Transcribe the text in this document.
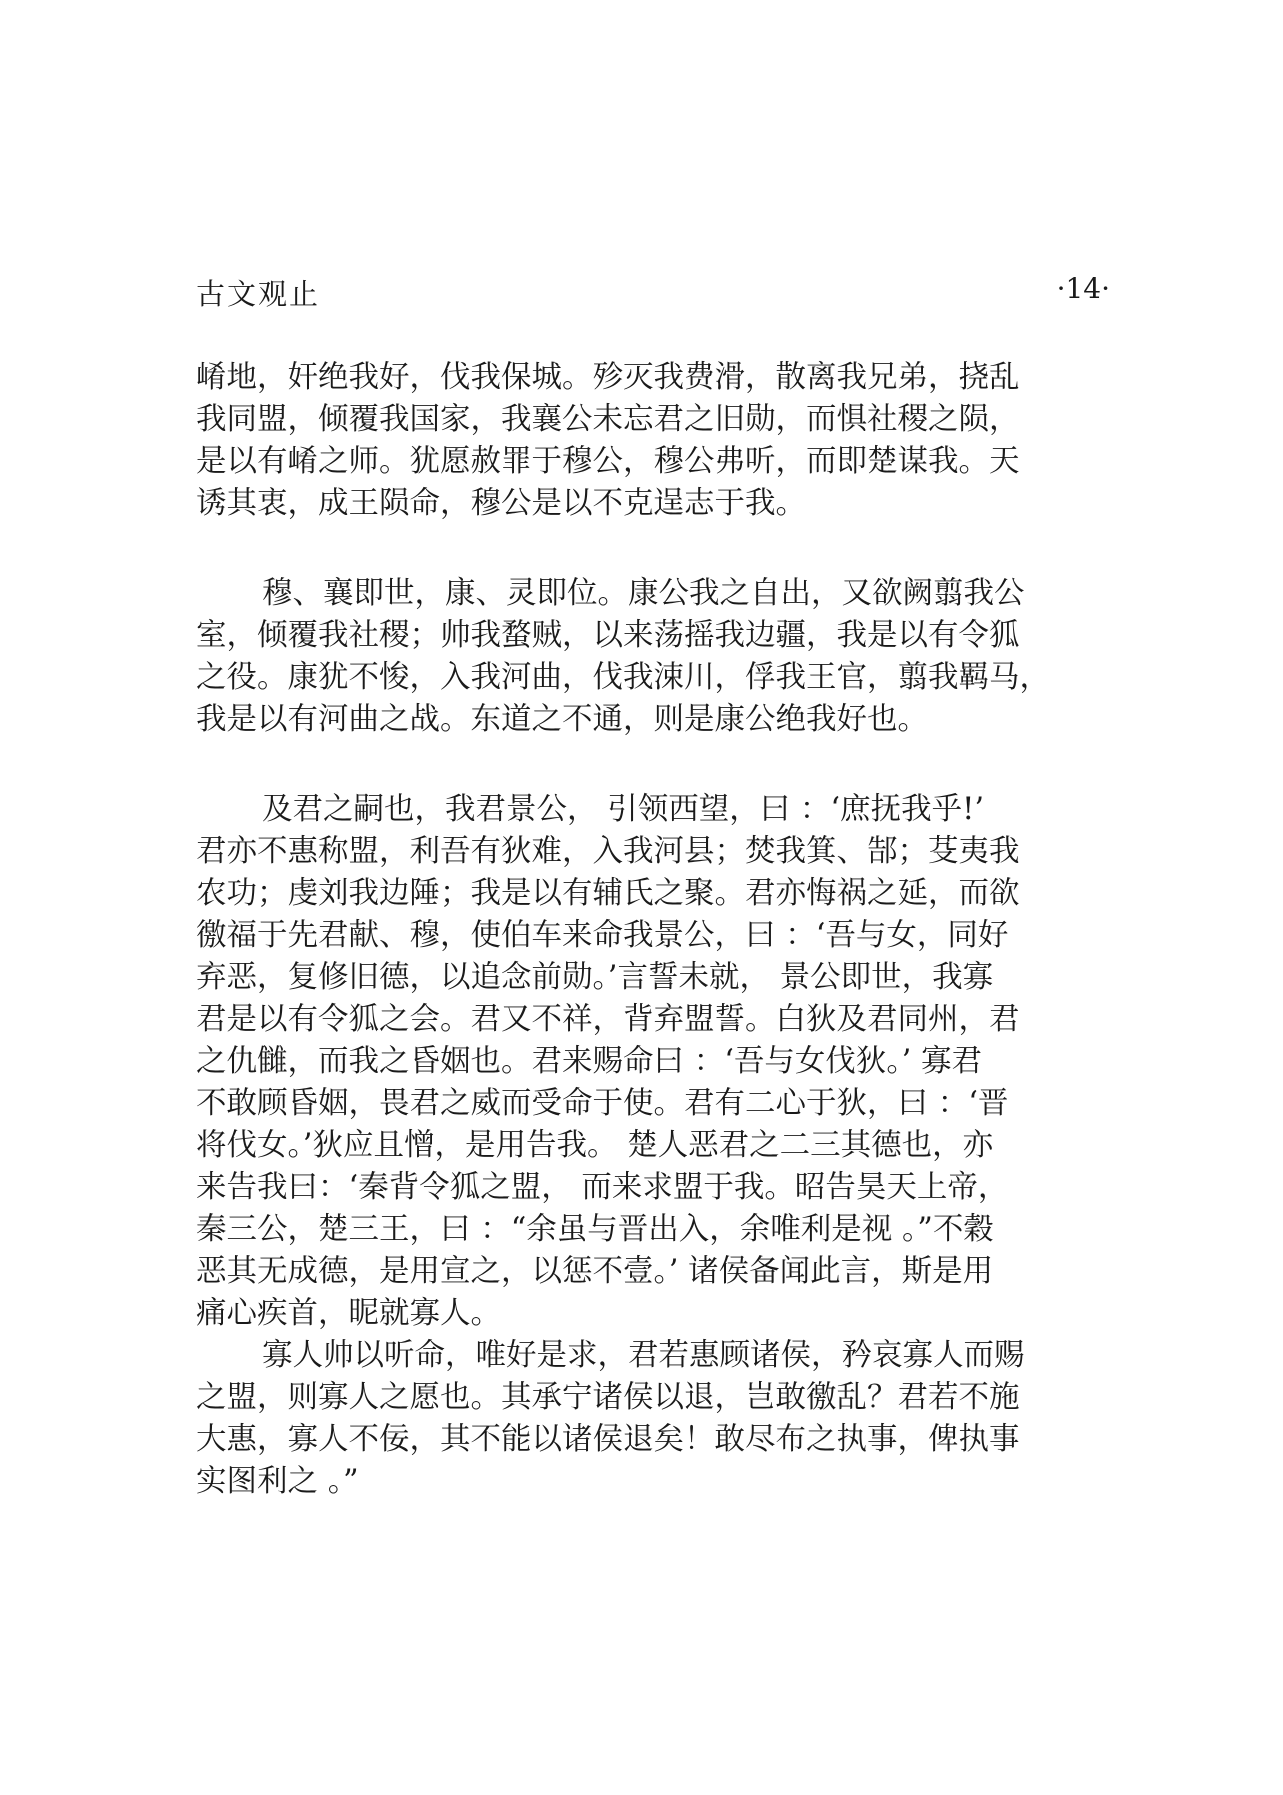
古文观止	·14·
崤地，奸绝我好，伐我保城。殄灭我费滑，散离我兄弟，挠乱
我同盟，倾覆我国家，我襄公未忘君之旧勋，而惧社稷之陨，
是以有崤之师。犹愿赦罪于穆公，穆公弗听，而即楚谋我。天
诱其衷，成王陨命，穆公是以不克逞志于我。
穆、襄即世，康、灵即位。康公我之自出，又欲阙翦我公
室，倾覆我社稷；帅我蝥贼，以来荡摇我边疆，我是以有令狐
之役。康犹不悛，入我河曲，伐我涑川，俘我王官，翦我羁马，
我是以有河曲之战。东道之不通，则是康公绝我好也。
及君之嗣也，我君景公， 引领西望，曰 ：‘庶抚我乎!’
君亦不惠称盟，利吾有狄难，入我河县；焚我箕、郜；芟夷我
农功；虔刘我边陲；我是以有辅氏之聚。君亦悔祸之延，而欲
徼福于先君献、穆，使伯车来命我景公，曰 ：‘吾与女，同好
弃恶，复修旧德，以追念前勋。’言誓未就， 景公即世，我寡
君是以有令狐之会。君又不祥，背弃盟誓。白狄及君同州，君
之仇雠，而我之昏姻也。君来赐命曰 ：‘吾与女伐狄。’ 寡君
不敢顾昏姻，畏君之威而受命于使。君有二心于狄，曰 ：‘晋
将伐女。’狄应且憎，是用告我。 楚人恶君之二三其德也，亦
来告我曰：‘秦背令狐之盟， 而来求盟于我。昭告昊天上帝，
秦三公，楚三王，曰 ：“余虽与晋出入，余唯利是视 。”不穀
恶其无成德，是用宣之，以惩不壹。’ 诸侯备闻此言，斯是用
痛心疾首，昵就寡人。
寡人帅以听命，唯好是求，君若惠顾诸侯，矜哀寡人而赐
之盟，则寡人之愿也。其承宁诸侯以退，岂敢徼乱？君若不施
大惠，寡人不佞，其不能以诸侯退矣！敢尽布之执事，俾执事
实图利之 。”
